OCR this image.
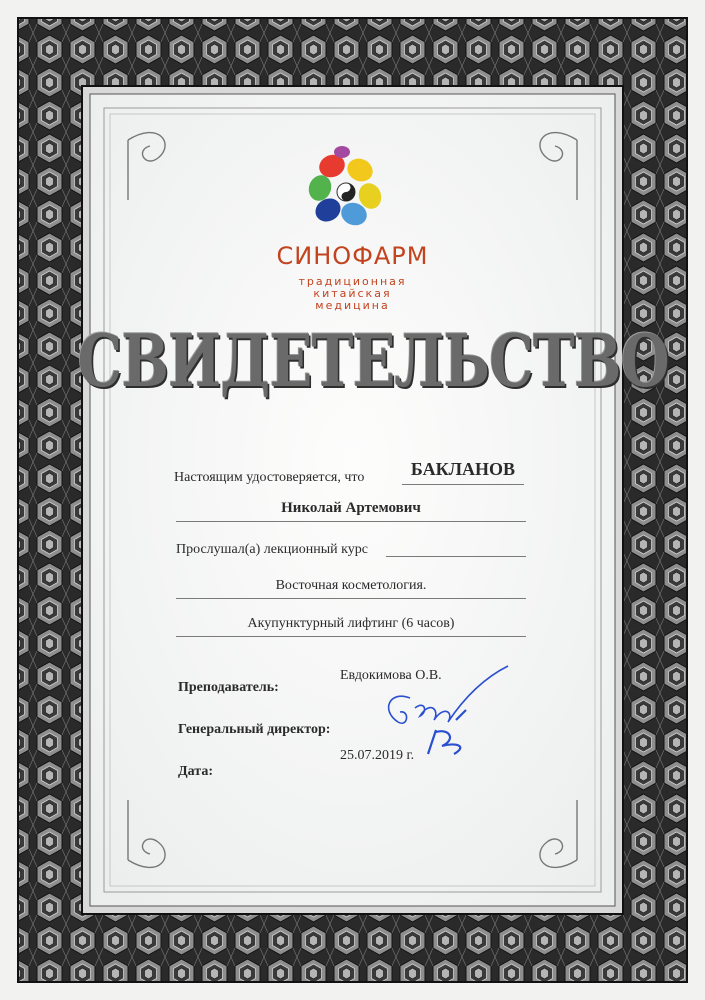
СИНОФАРМ
традиционная
китайская
медицина
СВИДЕТЕЛЬСТВО
Настоящим удостоверяется, что	БАКЛАНОВ
Николай Артемович
Прослушал(а) лекционный курс
Восточная косметология.
Акупунктурный лифтинг (6 часов)
Евдокимова О.В.
Преподаватель:
Генеральный директор:
25.07.2019 г.
Дата:
